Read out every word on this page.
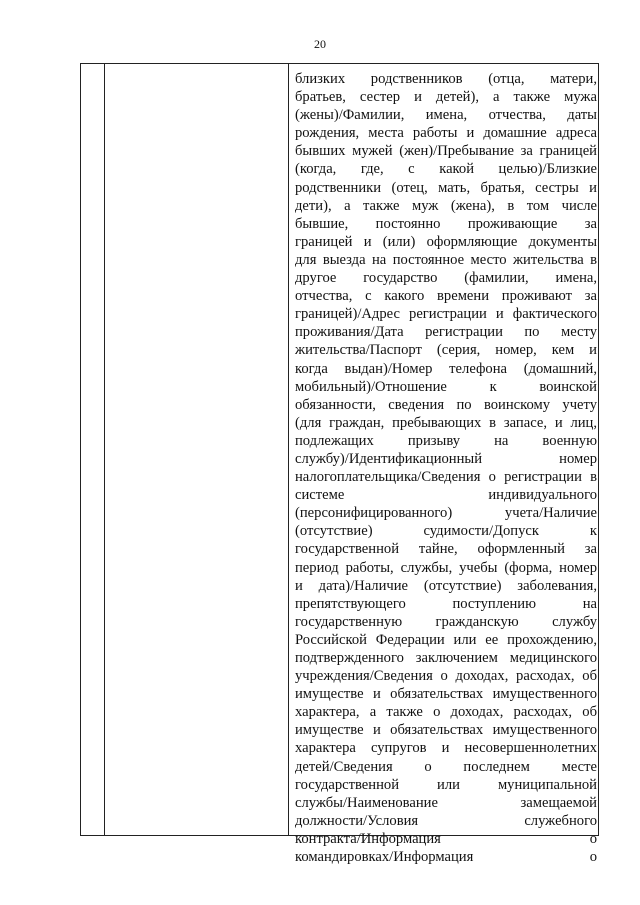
20
близких родственников (отца, матери,
братьев, сестер и детей), а также мужа
(жены)/Фамилии, имена, отчества, даты
рождения, места работы и домашние адреса
бывших мужей (жен)/Пребывание за границей
(когда, где, с какой целью)/Близкие
родственники (отец, мать, братья, сестры и
дети), а также муж (жена), в том числе
бывшие, постоянно проживающие за
границей и (или) оформляющие документы
для выезда на постоянное место жительства в
другое государство (фамилии, имена,
отчества, с какого времени проживают за
границей)/Адрес регистрации и фактического
проживания/Дата регистрации по месту
жительства/Паспорт (серия, номер, кем и
когда выдан)/Номер телефона (домашний,
мобильный)/Отношение к воинской
обязанности, сведения по воинскому учету
(для граждан, пребывающих в запасе, и лиц,
подлежащих призыву на военную
службу)/Идентификационный номер
налогоплательщика/Сведения о регистрации в
системе индивидуального
(персонифицированного) учета/Наличие
(отсутствие) судимости/Допуск к
государственной тайне, оформленный за
период работы, службы, учебы (форма, номер
и дата)/Наличие (отсутствие) заболевания,
препятствующего поступлению на
государственную гражданскую службу
Российской Федерации или ее прохождению,
подтвержденного заключением медицинского
учреждения/Сведения о доходах, расходах, об
имуществе и обязательствах имущественного
характера, а также о доходах, расходах, об
имуществе и обязательствах имущественного
характера супругов и несовершеннолетних
детей/Сведения о последнем месте
государственной или муниципальной
службы/Наименование замещаемой
должности/Условия служебного
контракта/Информация о
командировках/Информация о
